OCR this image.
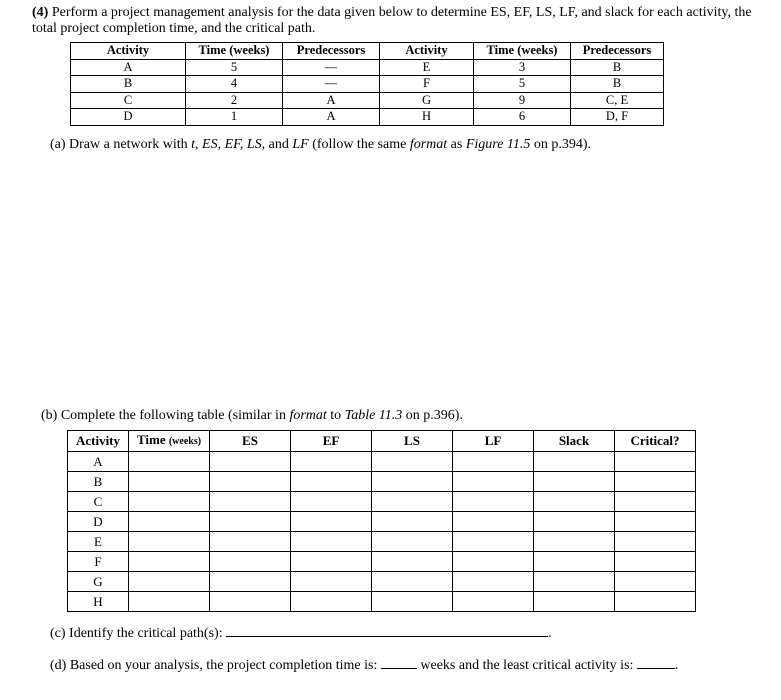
(4) Perform a project management analysis for the data given below to determine ES, EF, LS, LF, and slack for each activity, the total project completion time, and the critical path.
Activity	Time (weeks)	Predecessors	Activity	Time (weeks)	Predecessors
A	5	—	E	3	B
B	4	—	F	5	B
C	2	A	G	9	C, E
D	1	A	H	6	D, F
(a) Draw a network with t, ES, EF, LS, and LF (follow the same format as Figure 11.5 on p.394).
(b) Complete the following table (similar in format to Table 11.3 on p.396).
Activity	Time (weeks)	ES	EF	LS	LF	Slack	Critical?
A							
B							
C							
D							
E							
F							
G							
H							
(c) Identify the critical path(s):	.
(d) Based on your analysis, the project completion time is:	weeks and the least critical activity is:	.
